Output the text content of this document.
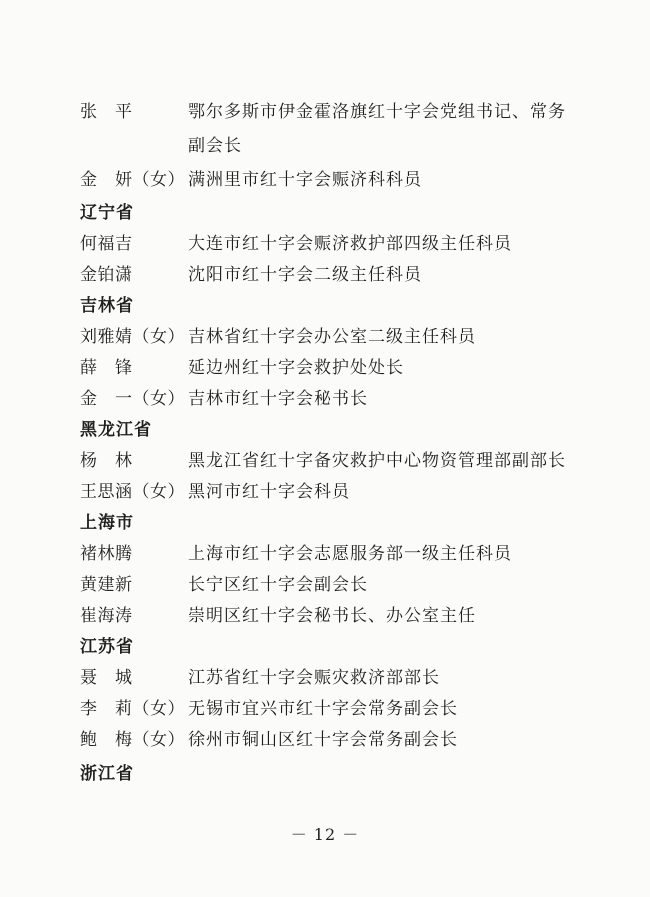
张　平	鄂尔多斯市伊金霍洛旗红十字会党组书记、常务
副会长
金　妍（女） 满洲里市红十字会赈济科科员
辽宁省
何福吉	大连市红十字会赈济救护部四级主任科员
金铂潇	沈阳市红十字会二级主任科员
吉林省
刘雅婧（女） 吉林省红十字会办公室二级主任科员
薛　锋	延边州红十字会救护处处长
金　一（女） 吉林市红十字会秘书长
黑龙江省
杨　林	黑龙江省红十字备灾救护中心物资管理部副部长
王思涵（女） 黑河市红十字会科员
上海市
褚林腾	上海市红十字会志愿服务部一级主任科员
黄建新	长宁区红十字会副会长
崔海涛	崇明区红十字会秘书长、办公室主任
江苏省
聂　城	江苏省红十字会赈灾救济部部长
李　莉（女） 无锡市宜兴市红十字会常务副会长
鲍　梅（女） 徐州市铜山区红十字会常务副会长
浙江省
－ 12 －
